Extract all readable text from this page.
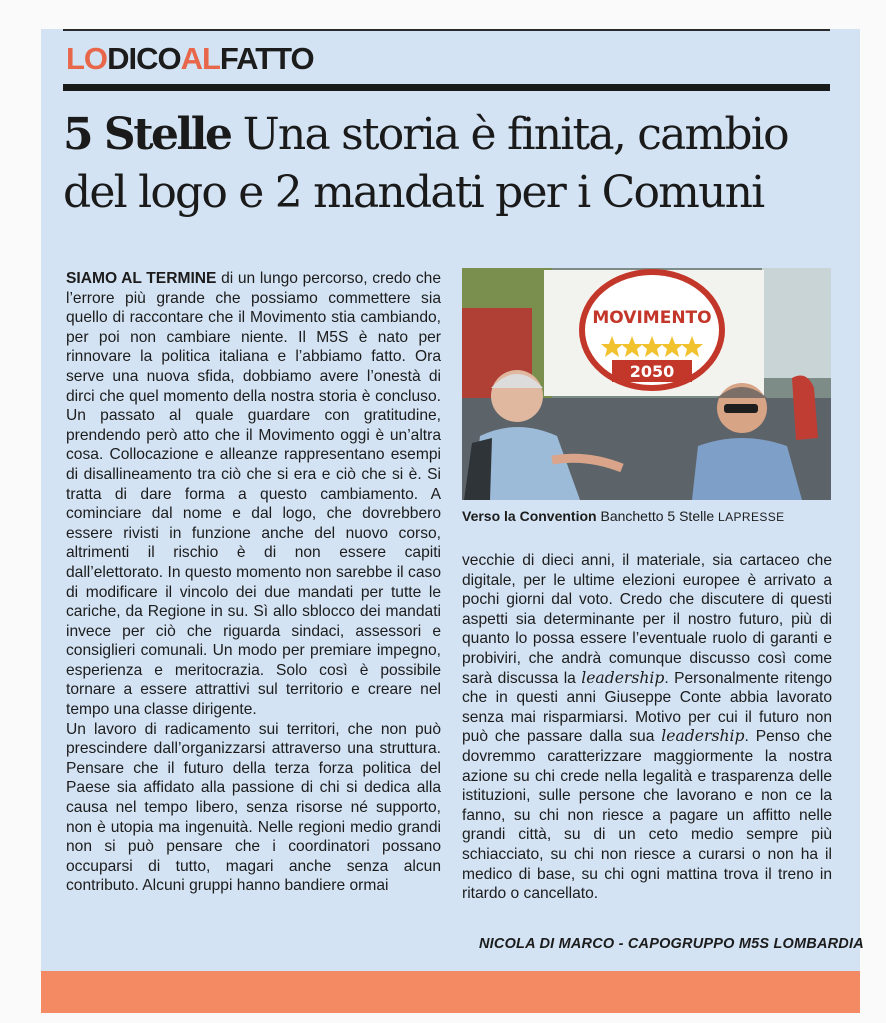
LODICOALFATTO
5 Stelle Una storia è finita, cambio del logo e 2 mandati per i Comuni

SIAMO AL TERMINE di un lungo percorso, credo che l’errore più grande che possiamo commettere sia quello di raccontare che il Movimento stia cambiando, per poi non cambiare niente. Il M5S è nato per rinnovare la politica italiana e l’abbiamo fatto. Ora serve una nuova sfida, dobbiamo avere l’onestà di dirci che quel momento della nostra storia è concluso. Un passato al quale guardare con gratitudine, prendendo però atto che il Movimento oggi è un’altra cosa. Collocazione e alleanze rappresentano esempi di disallineamento tra ciò che si era e ciò che si è. Si tratta di dare forma a questo cambiamento. A cominciare dal nome e dal logo, che dovrebbero essere rivisti in funzione anche del nuovo corso, altrimenti il rischio è di non essere capiti dall’elettorato. In questo momento non sarebbe il caso di modificare il vincolo dei due mandati per tutte le cariche, da Regione in su. Sì allo sblocco dei mandati invece per ciò che riguarda sindaci, assessori e consiglieri comunali. Un modo per premiare impegno, esperienza e meritocrazia. Solo così è possibile tornare a essere attrattivi sul territorio e creare nel tempo una classe dirigente.

Un lavoro di radicamento sui territori, che non può prescindere dall’organizzarsi attraverso una struttura. Pensare che il futuro della terza forza politica del Paese sia affidato alla passione di chi si dedica alla causa nel tempo libero, senza risorse né supporto, non è utopia ma ingenuità. Nelle regioni medio grandi non si può pensare che i coordinatori possano occuparsi di tutto, magari anche senza alcun contributo. Alcuni gruppi hanno bandiere ormai

MOVIMENTO
2050
Verso la Convention Banchetto 5 Stelle LAPRESSE

vecchie di dieci anni, il materiale, sia cartaceo che digitale, per le ultime elezioni europee è arrivato a pochi giorni dal voto. Credo che discutere di questi aspetti sia determinante per il nostro futuro, più di quanto lo possa essere l’eventuale ruolo di garanti e probiviri, che andrà comunque discusso così come sarà discussa la leadership. Personalmente ritengo che in questi anni Giuseppe Conte abbia lavorato senza mai risparmiarsi. Motivo per cui il futuro non può che passare dalla sua leadership. Penso che dovremmo caratterizzare maggiormente la nostra azione su chi crede nella legalità e trasparenza delle istituzioni, sulle persone che lavorano e non ce la fanno, su chi non riesce a pagare un affitto nelle grandi città, su di un ceto medio sempre più schiacciato, su chi non riesce a curarsi o non ha il medico di base, su chi ogni mattina trova il treno in ritardo o cancellato.

NICOLA DI MARCO - CAPOGRUPPO M5S LOMBARDIA
